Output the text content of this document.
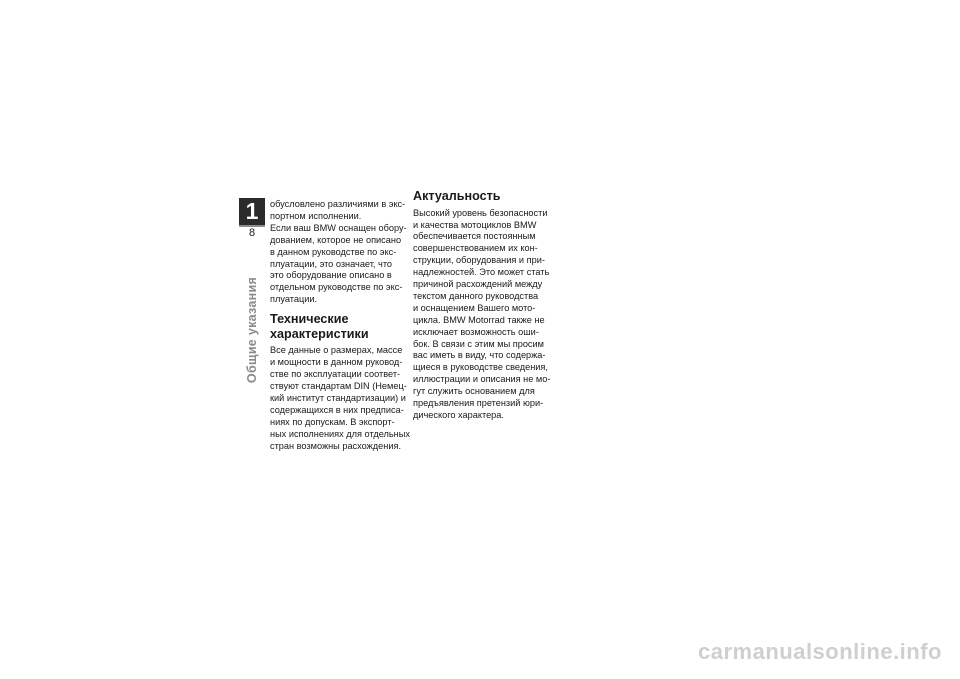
1
8
Общие указания

обусловлено различиями в экс-
портном исполнении.
Если ваш BMW оснащен обору-
дованием, которое не описано
в данном руководстве по экс-
плуатации, это означает, что
это оборудование описано в
отдельном руководстве по экс-
плуатации.

Технические
характеристики

Все данные о размерах, массе
и мощности в данном руковод-
стве по эксплуатации соответ-
ствуют стандартам DIN (Немец-
кий институт стандартизации) и
содержащихся в них предписа-
ниях по допускам. В экспорт-
ных исполнениях для отдельных
стран возможны расхождения.

Актуальность

Высокий уровень безопасности
и качества мотоциклов BMW
обеспечивается постоянным
совершенствованием их кон-
струкции, оборудования и при-
надлежностей. Это может стать
причиной расхождений между
текстом данного руководства
и оснащением Вашего мото-
цикла. BMW Motorrad также не
исключает возможность оши-
бок. В связи с этим мы просим
вас иметь в виду, что содержа-
щиеся в руководстве сведения,
иллюстрации и описания не мо-
гут служить основанием для
предъявления претензий юри-
дического характера.

carmanualsonline.info
